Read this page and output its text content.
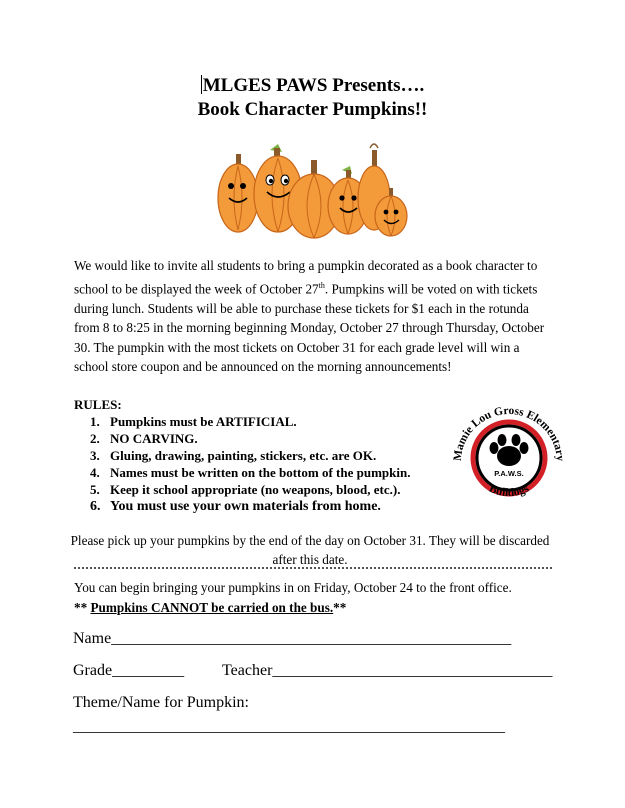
MLGES PAWS Presents….
Book Character Pumpkins!!
We would like to invite all students to bring a pumpkin decorated as a book character to school to be displayed the week of October 27th. Pumpkins will be voted on with tickets during lunch. Students will be able to purchase these tickets for $1 each in the rotunda from 8 to 8:25 in the morning beginning Monday, October 27 through Thursday, October 30. The pumpkin with the most tickets on October 31 for each grade level will win a school store coupon and be announced on the morning announcements!
RULES:
1. Pumpkins must be ARTIFICIAL.
2. NO CARVING.
3. Gluing, drawing, painting, stickers, etc. are OK.
4. Names must be written on the bottom of the pumpkin.
5. Keep it school appropriate (no weapons, blood, etc.).
6. You must use your own materials from home.
P.A.W.S.
Mamie Lou Gross Elementary
Bulldogs
Please pick up your pumpkins by the end of the day on October 31. They will be discarded after this date.
You can begin bringing your pumpkins in on Friday, October 24 to the front office.
** Pumpkins CANNOT be carried on the bus.**
Name__________________________________________________
Grade_________ Teacher___________________________________
Theme/Name for Pumpkin:
______________________________________________________
